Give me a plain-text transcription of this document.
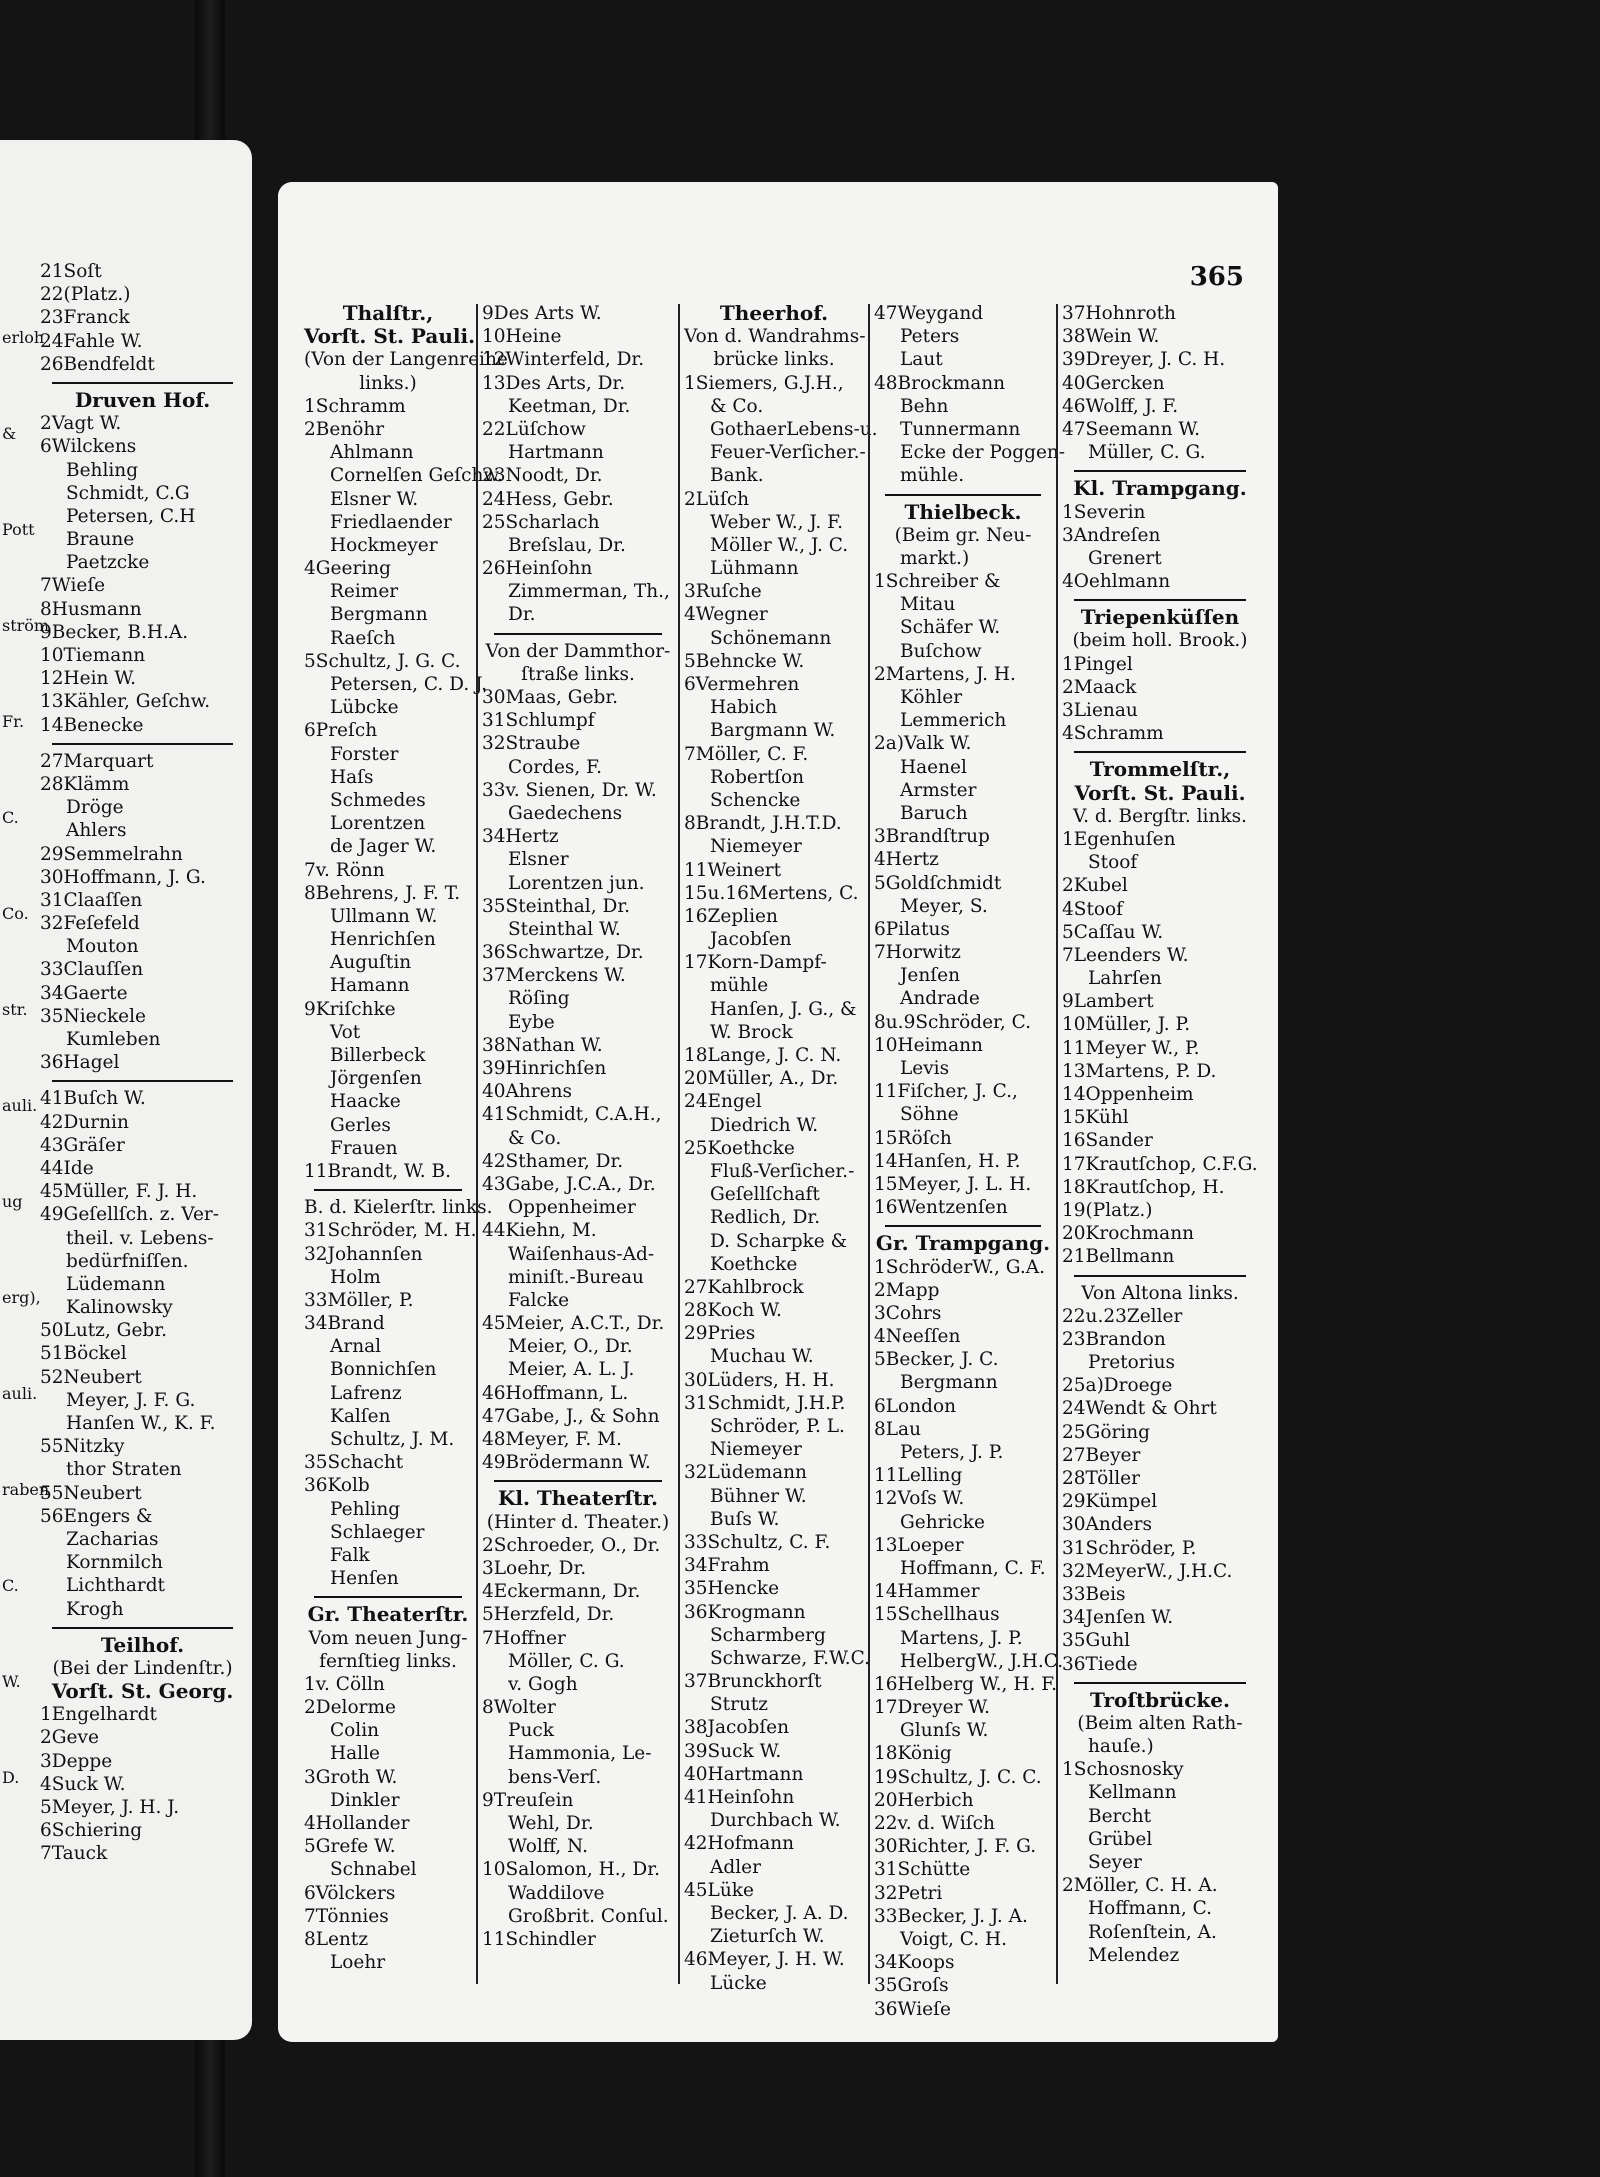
21Soſt
22(Platz.)
23Franck
24Fahle W.
26Bendfeldt
Druven Hof.
2Vagt W.
6Wilckens
Behling
Schmidt, C.G
Petersen, C.H
Braune
Paetzcke
7Wieſe
8Husmann
9Becker, B.H.A.
10Tiemann
12Hein W.
13Kähler, Geſchw.
14Benecke
27Marquart
28Klämm
Dröge
Ahlers
29Semmelrahn
30Hoffmann, J. G.
31Claaſſen
32Feſefeld
Mouton
33Clauſſen
34Gaerte
35Nieckele
Kumleben
36Hagel
41Buſch W.
42Durnin
43Gräſer
44Ide
45Müller, F. J. H.
49Geſellſch. z. Ver-
theil. v. Lebens-
bedürfniſſen.
Lüdemann
Kalinowsky
50Lutz, Gebr.
51Böckel
52Neubert
Meyer, J. F. G.
Hanſen W., K. F.
55Nitzky
thor Straten
55Neubert
56Engers &
Zacharias
Kornmilch
Lichthardt
Krogh
Teilhof.
(Bei der Lindenſtr.)
Vorſt. St. Georg.
1Engelhardt
2Geve
3Deppe
4Suck W.
5Meyer, J. H. J.
6Schiering
7Tauck
erloh
&
Pott
ström
Fr.
C.
Co.
str.
auli.
ug
erg),
auli.
raben
C.
W.
D.
365
Thalſtr.,
Vorſt. St. Pauli.
(Von der Langenreihe
links.)
1Schramm
2Benöhr
Ahlmann
Cornelſen Geſchw.
Elsner W.
Friedlaender
Hockmeyer
4Geering
Reimer
Bergmann
Raeſch
5Schultz, J. G. C.
Petersen, C. D. J.
Lübcke
6Preſch
Forster
Haſs
Schmedes
Lorentzen
de Jager W.
7v. Rönn
8Behrens, J. F. T.
Ullmann W.
Henrichſen
Auguſtin
Hamann
9Kriſchke
Vot
Billerbeck
Jörgenſen
Haacke
Gerles
Frauen
11Brandt, W. B.
B. d. Kielerſtr. links.
31Schröder, M. H.
32Johannſen
Holm
33Möller, P.
34Brand
Arnal
Bonnichſen
Lafrenz
Kalſen
Schultz, J. M.
35Schacht
36Kolb
Pehling
Schlaeger
Falk
Henſen
Gr. Theaterſtr.
Vom neuen Jung-
fernſtieg links.
1v. Cölln
2Delorme
Colin
Halle
3Groth W.
Dinkler
4Hollander
5Grefe W.
Schnabel
6Völckers
7Tönnies
8Lentz
Loehr
9Des Arts W.
10Heine
12Winterfeld, Dr.
13Des Arts, Dr.
Keetman, Dr.
22Lüſchow
Hartmann
23Noodt, Dr.
24Hess, Gebr.
25Scharlach
Breſslau, Dr.
26Heinſohn
Zimmerman, Th.,
Dr.
Von der Dammthor-
ſtraße links.
30Maas, Gebr.
31Schlumpf
32Straube
Cordes, F.
33v. Sienen, Dr. W.
Gaedechens
34Hertz
Elsner
Lorentzen jun.
35Steinthal, Dr.
Steinthal W.
36Schwartze, Dr.
37Merckens W.
Röſing
Eybe
38Nathan W.
39Hinrichſen
40Ahrens
41Schmidt, C.A.H.,
& Co.
42Sthamer, Dr.
43Gabe, J.C.A., Dr.
Oppenheimer
44Kiehn, M.
Waiſenhaus-Ad-
miniſt.-Bureau
Falcke
45Meier, A.C.T., Dr.
Meier, O., Dr.
Meier, A. L. J.
46Hoffmann, L.
47Gabe, J., & Sohn
48Meyer, F. M.
49Brödermann W.
Kl. Theaterſtr.
(Hinter d. Theater.)
2Schroeder, O., Dr.
3Loehr, Dr.
4Eckermann, Dr.
5Herzfeld, Dr.
7Hoffner
Möller, C. G.
v. Gogh
8Wolter
Puck
Hammonia, Le-
bens-Verſ.
9Treuſein
Wehl, Dr.
Wolff, N.
10Salomon, H., Dr.
Waddilove
Großbrit. Conſul.
11Schindler
Theerhof.
Von d. Wandrahms-
brücke links.
1Siemers, G.J.H.,
& Co.
GothaerLebens-u.
Feuer-Verſicher.-
Bank.
2Lüſch
Weber W., J. F.
Möller W., J. C.
Lühmann
3Ruſche
4Wegner
Schönemann
5Behncke W.
6Vermehren
Habich
Bargmann W.
7Möller, C. F.
Robertſon
Schencke
8Brandt, J.H.T.D.
Niemeyer
11Weinert
15u.16Mertens, C.
16Zeplien
Jacobſen
17Korn-Dampf-
mühle
Hanſen, J. G., &
W. Brock
18Lange, J. C. N.
20Müller, A., Dr.
24Engel
Diedrich W.
25Koethcke
Fluß-Verſicher.-
Geſellſchaft
Redlich, Dr.
D. Scharpke &
Koethcke
27Kahlbrock
28Koch W.
29Pries
Muchau W.
30Lüders, H. H.
31Schmidt, J.H.P.
Schröder, P. L.
Niemeyer
32Lüdemann
Bühner W.
Buſs W.
33Schultz, C. F.
34Frahm
35Hencke
36Krogmann
Scharmberg
Schwarze, F.W.C.
37Brunckhorſt
Strutz
38Jacobſen
39Suck W.
40Hartmann
41Heinſohn
Durchbach W.
42Hofmann
Adler
45Lüke
Becker, J. A. D.
Zieturſch W.
46Meyer, J. H. W.
Lücke
47Weygand
Peters
Laut
48Brockmann
Behn
Tunnermann
Ecke der Poggen-
mühle.
Thielbeck.
(Beim gr. Neu-
markt.)
1Schreiber &
Mitau
Schäfer W.
Buſchow
2Martens, J. H.
Köhler
Lemmerich
2a)Valk W.
Haenel
Armster
Baruch
3Brandſtrup
4Hertz
5Goldſchmidt
Meyer, S.
6Pilatus
7Horwitz
Jenſen
Andrade
8u.9Schröder, C.
10Heimann
Levis
11Fiſcher, J. C.,
Söhne
15Röſch
14Hanſen, H. P.
15Meyer, J. L. H.
16Wentzenſen
Gr. Trampgang.
1SchröderW., G.A.
2Mapp
3Cohrs
4Neeſſen
5Becker, J. C.
Bergmann
6London
8Lau
Peters, J. P.
11Lelling
12Voſs W.
Gehricke
13Loeper
Hoffmann, C. F.
14Hammer
15Schellhaus
Martens, J. P.
HelbergW., J.H.C.
16Helberg W., H. F.
17Dreyer W.
Glunſs W.
18König
19Schultz, J. C. C.
20Herbich
22v. d. Wiſch
30Richter, J. F. G.
31Schütte
32Petri
33Becker, J. J. A.
Voigt, C. H.
34Koops
35Groſs
36Wieſe
37Hohnroth
38Wein W.
39Dreyer, J. C. H.
40Gercken
46Wolff, J. F.
47Seemann W.
Müller, C. G.
Kl. Trampgang.
1Severin
3Andreſen
Grenert
4Oehlmann
Triepenküſſen
(beim holl. Brook.)
1Pingel
2Maack
3Lienau
4Schramm
Trommelſtr.,
Vorſt. St. Pauli.
V. d. Bergſtr. links.
1Egenhuſen
Stoof
2Kubel
4Stoof
5Caſſau W.
7Leenders W.
Lahrſen
9Lambert
10Müller, J. P.
11Meyer W., P.
13Martens, P. D.
14Oppenheim
15Kühl
16Sander
17Krautſchop, C.F.G.
18Krautſchop, H.
19(Platz.)
20Krochmann
21Bellmann
Von Altona links.
22u.23Zeller
23Brandon
Pretorius
25a)Droege
24Wendt & Ohrt
25Göring
27Beyer
28Töller
29Kümpel
30Anders
31Schröder, P.
32MeyerW., J.H.C.
33Beis
34Jenſen W.
35Guhl
36Tiede
Troſtbrücke.
(Beim alten Rath-
hauſe.)
1Schosnosky
Kellmann
Bercht
Grübel
Seyer
2Möller, C. H. A.
Hoffmann, C.
Roſenſtein, A.
Melendez
